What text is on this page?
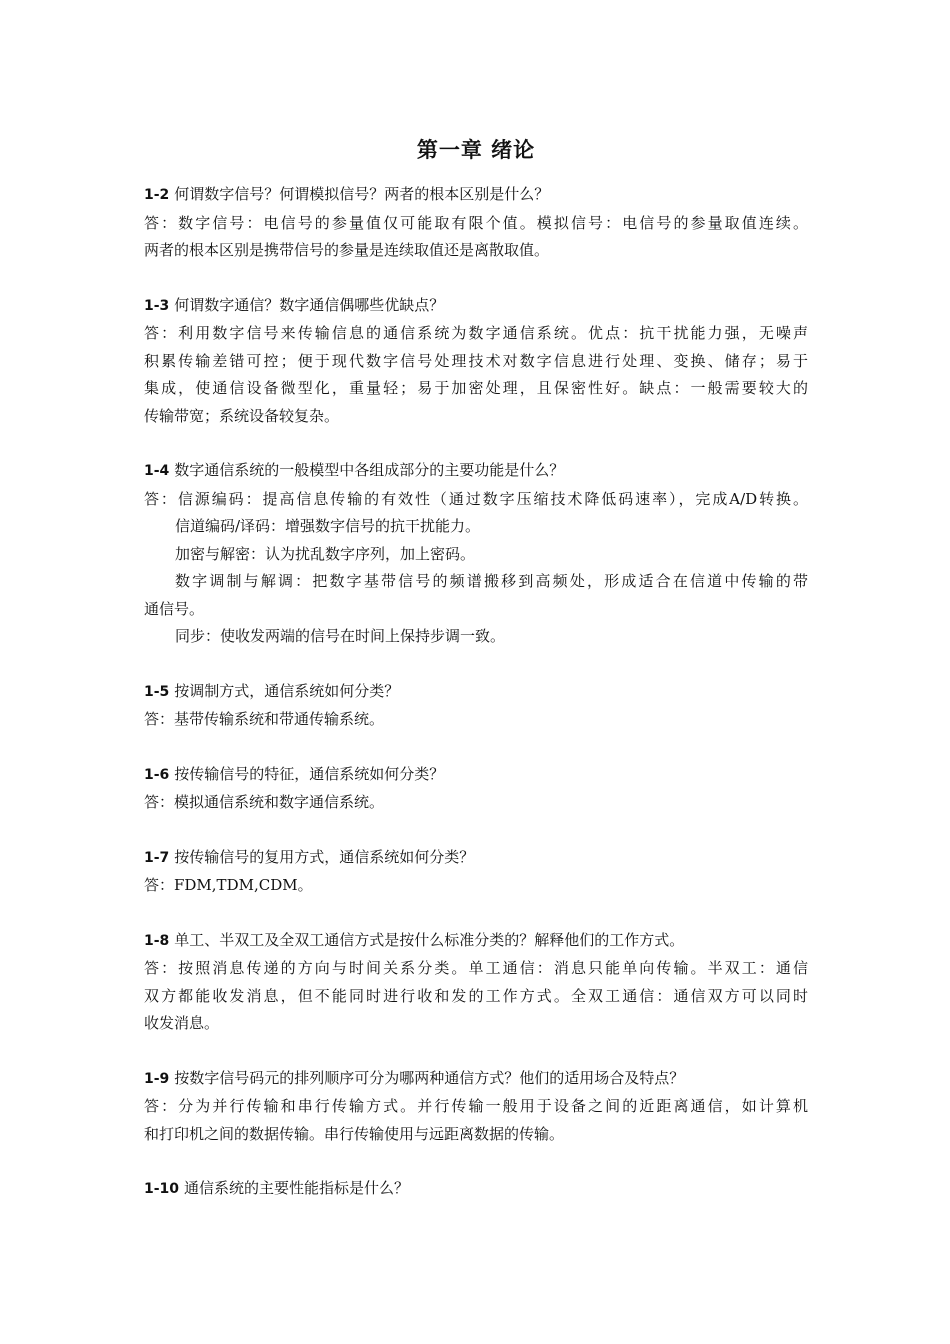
第一章 绪论
1-2 何谓数字信号？何谓模拟信号？两者的根本区别是什么？
答：数字信号：电信号的参量值仅可能取有限个值。模拟信号：电信号的参量取值连续。
两者的根本区别是携带信号的参量是连续取值还是离散取值。
1-3 何谓数字通信？数字通信偶哪些优缺点？
答：利用数字信号来传输信息的通信系统为数字通信系统。优点：抗干扰能力强，无噪声
积累传输差错可控；便于现代数字信号处理技术对数字信息进行处理、变换、储存；易于
集成，使通信设备微型化，重量轻；易于加密处理，且保密性好。缺点：一般需要较大的
传输带宽；系统设备较复杂。
1-4 数字通信系统的一般模型中各组成部分的主要功能是什么？
答：信源编码：提高信息传输的有效性（通过数字压缩技术降低码速率），完成A/D转换。
信道编码/译码：增强数字信号的抗干扰能力。
加密与解密：认为扰乱数字序列，加上密码。
数字调制与解调：把数字基带信号的频谱搬移到高频处，形成适合在信道中传输的带
通信号。
同步：使收发两端的信号在时间上保持步调一致。
1-5 按调制方式，通信系统如何分类？
答：基带传输系统和带通传输系统。
1-6 按传输信号的特征，通信系统如何分类？
答：模拟通信系统和数字通信系统。
1-7 按传输信号的复用方式，通信系统如何分类？
答：FDM,TDM,CDM。
1-8 单工、半双工及全双工通信方式是按什么标准分类的？解释他们的工作方式。
答：按照消息传递的方向与时间关系分类。单工通信：消息只能单向传输。半双工：通信
双方都能收发消息，但不能同时进行收和发的工作方式。全双工通信：通信双方可以同时
收发消息。
1-9 按数字信号码元的排列顺序可分为哪两种通信方式？他们的适用场合及特点？
答：分为并行传输和串行传输方式。并行传输一般用于设备之间的近距离通信，如计算机
和打印机之间的数据传输。串行传输使用与远距离数据的传输。
1-10 通信系统的主要性能指标是什么？
